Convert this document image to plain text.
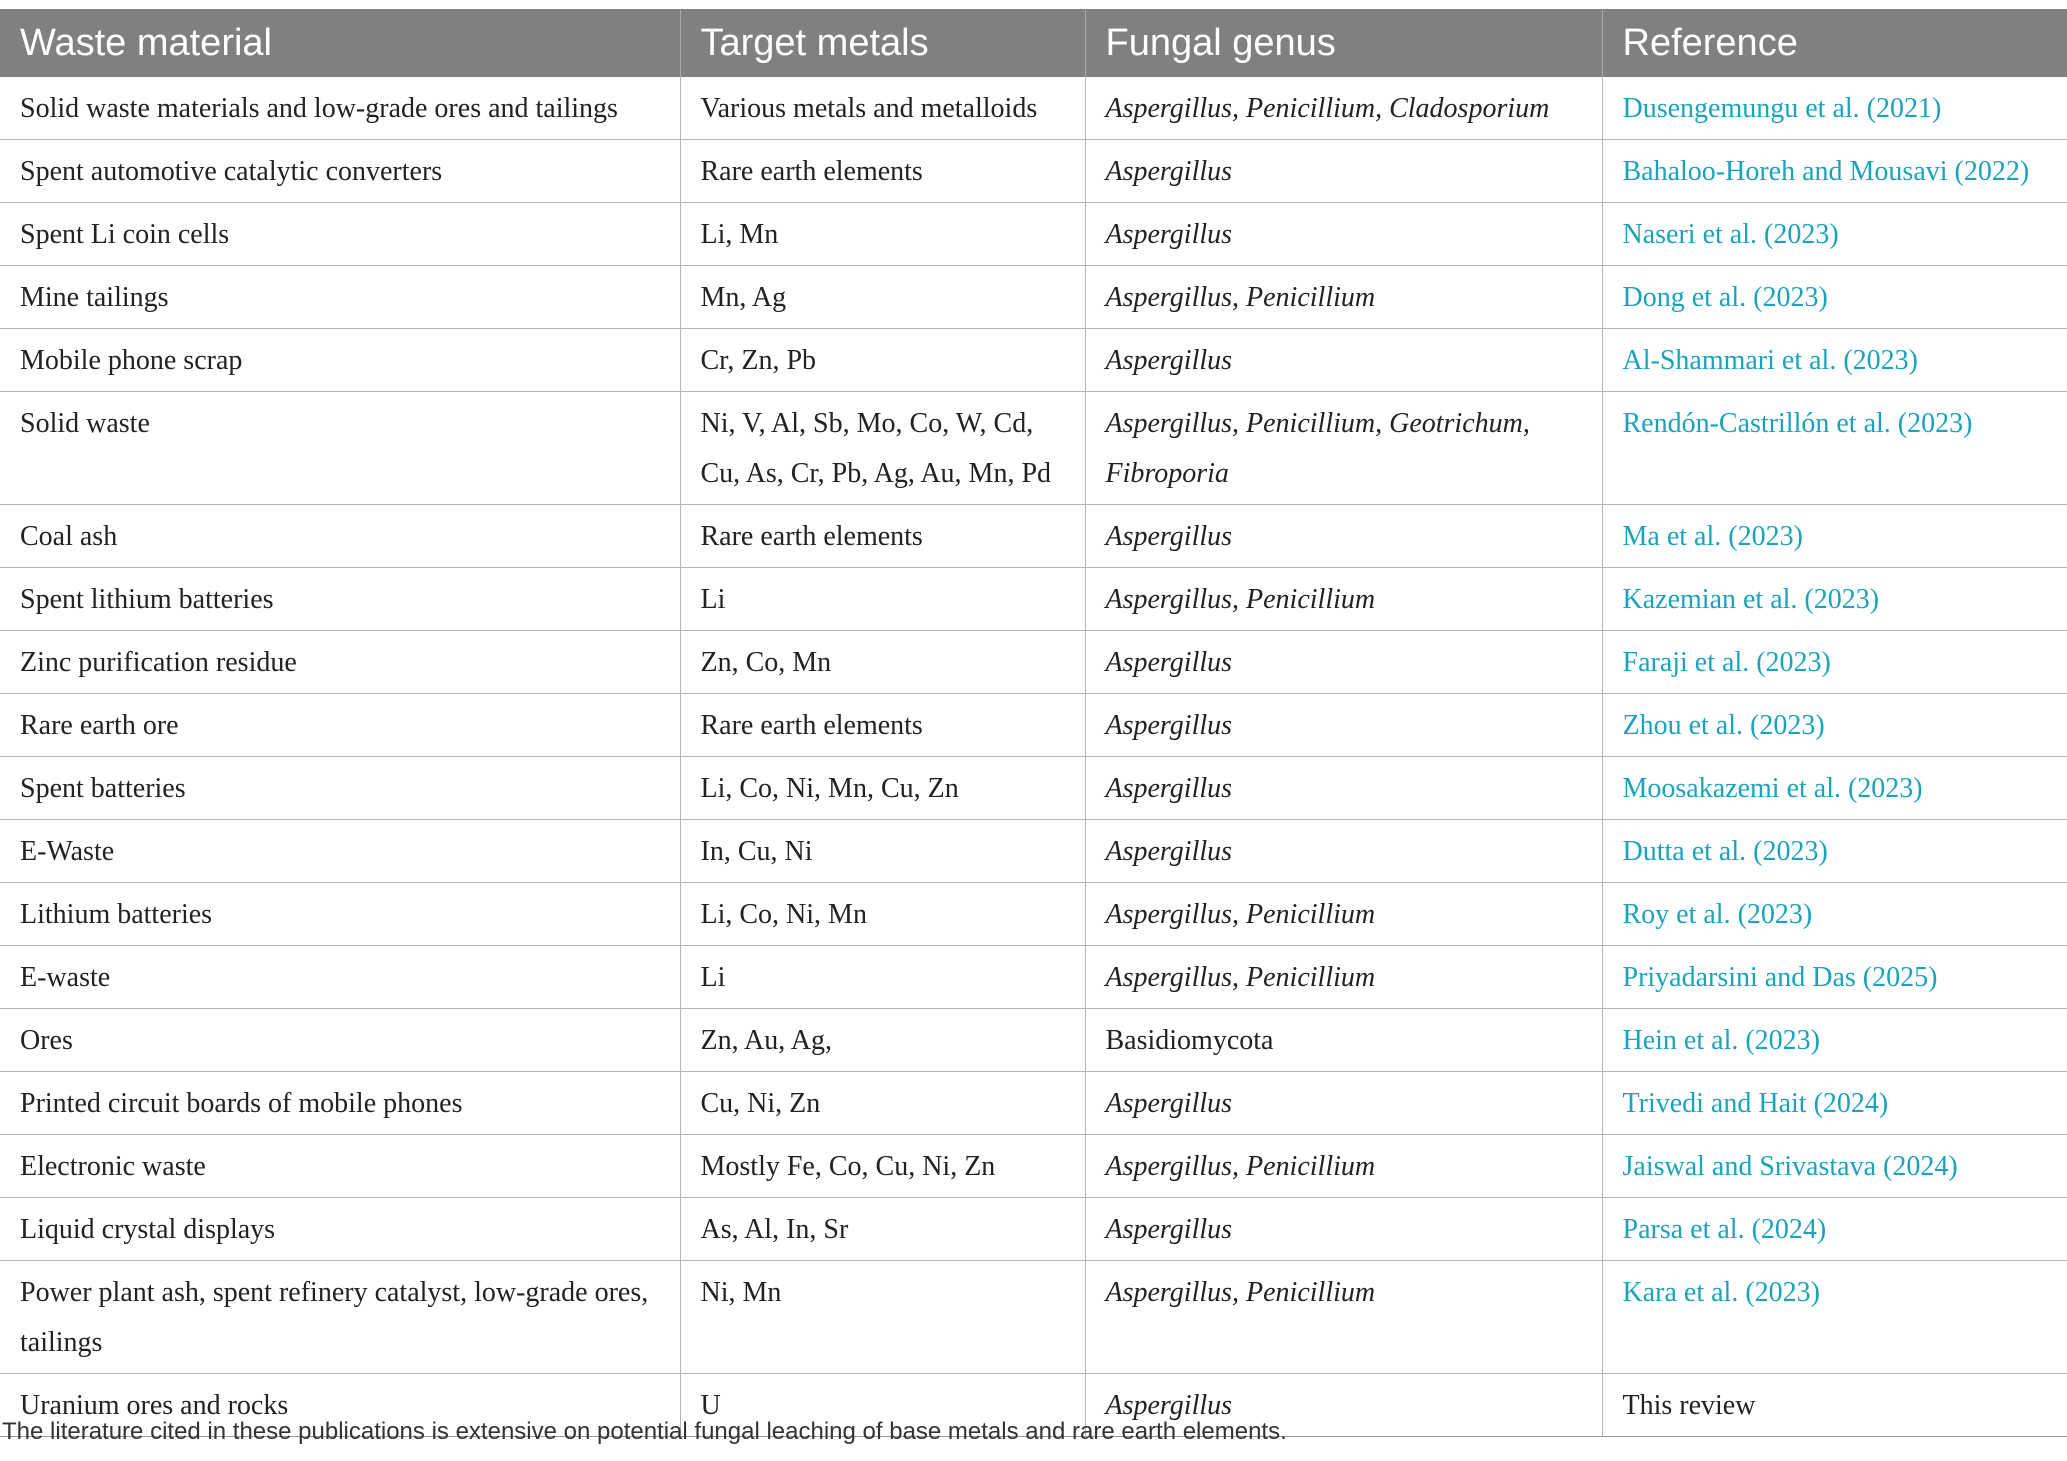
Waste material	Target metals	Fungal genus	Reference
Solid waste materials and low-grade ores and tailings	Various metals and metalloids	Aspergillus, Penicillium, Cladosporium	Dusengemungu et al. (2021)
Spent automotive catalytic converters	Rare earth elements	Aspergillus	Bahaloo-Horeh and Mousavi (2022)
Spent Li coin cells	Li, Mn	Aspergillus	Naseri et al. (2023)
Mine tailings	Mn, Ag	Aspergillus, Penicillium	Dong et al. (2023)
Mobile phone scrap	Cr, Zn, Pb	Aspergillus	Al-Shammari et al. (2023)
Solid waste	Ni, V, Al, Sb, Mo, Co, W, Cd, Cu, As, Cr, Pb, Ag, Au, Mn, Pd	Aspergillus, Penicillium, Geotrichum, Fibroporia	Rendón-Castrillón et al. (2023)
Coal ash	Rare earth elements	Aspergillus	Ma et al. (2023)
Spent lithium batteries	Li	Aspergillus, Penicillium	Kazemian et al. (2023)
Zinc purification residue	Zn, Co, Mn	Aspergillus	Faraji et al. (2023)
Rare earth ore	Rare earth elements	Aspergillus	Zhou et al. (2023)
Spent batteries	Li, Co, Ni, Mn, Cu, Zn	Aspergillus	Moosakazemi et al. (2023)
E-Waste	In, Cu, Ni	Aspergillus	Dutta et al. (2023)
Lithium batteries	Li, Co, Ni, Mn	Aspergillus, Penicillium	Roy et al. (2023)
E-waste	Li	Aspergillus, Penicillium	Priyadarsini and Das (2025)
Ores	Zn, Au, Ag,	Basidiomycota	Hein et al. (2023)
Printed circuit boards of mobile phones	Cu, Ni, Zn	Aspergillus	Trivedi and Hait (2024)
Electronic waste	Mostly Fe, Co, Cu, Ni, Zn	Aspergillus, Penicillium	Jaiswal and Srivastava (2024)
Liquid crystal displays	As, Al, In, Sr	Aspergillus	Parsa et al. (2024)
Power plant ash, spent refinery catalyst, low-grade ores, tailings	Ni, Mn	Aspergillus, Penicillium	Kara et al. (2023)
Uranium ores and rocks	U	Aspergillus	This review
The literature cited in these publications is extensive on potential fungal leaching of base metals and rare earth elements.
